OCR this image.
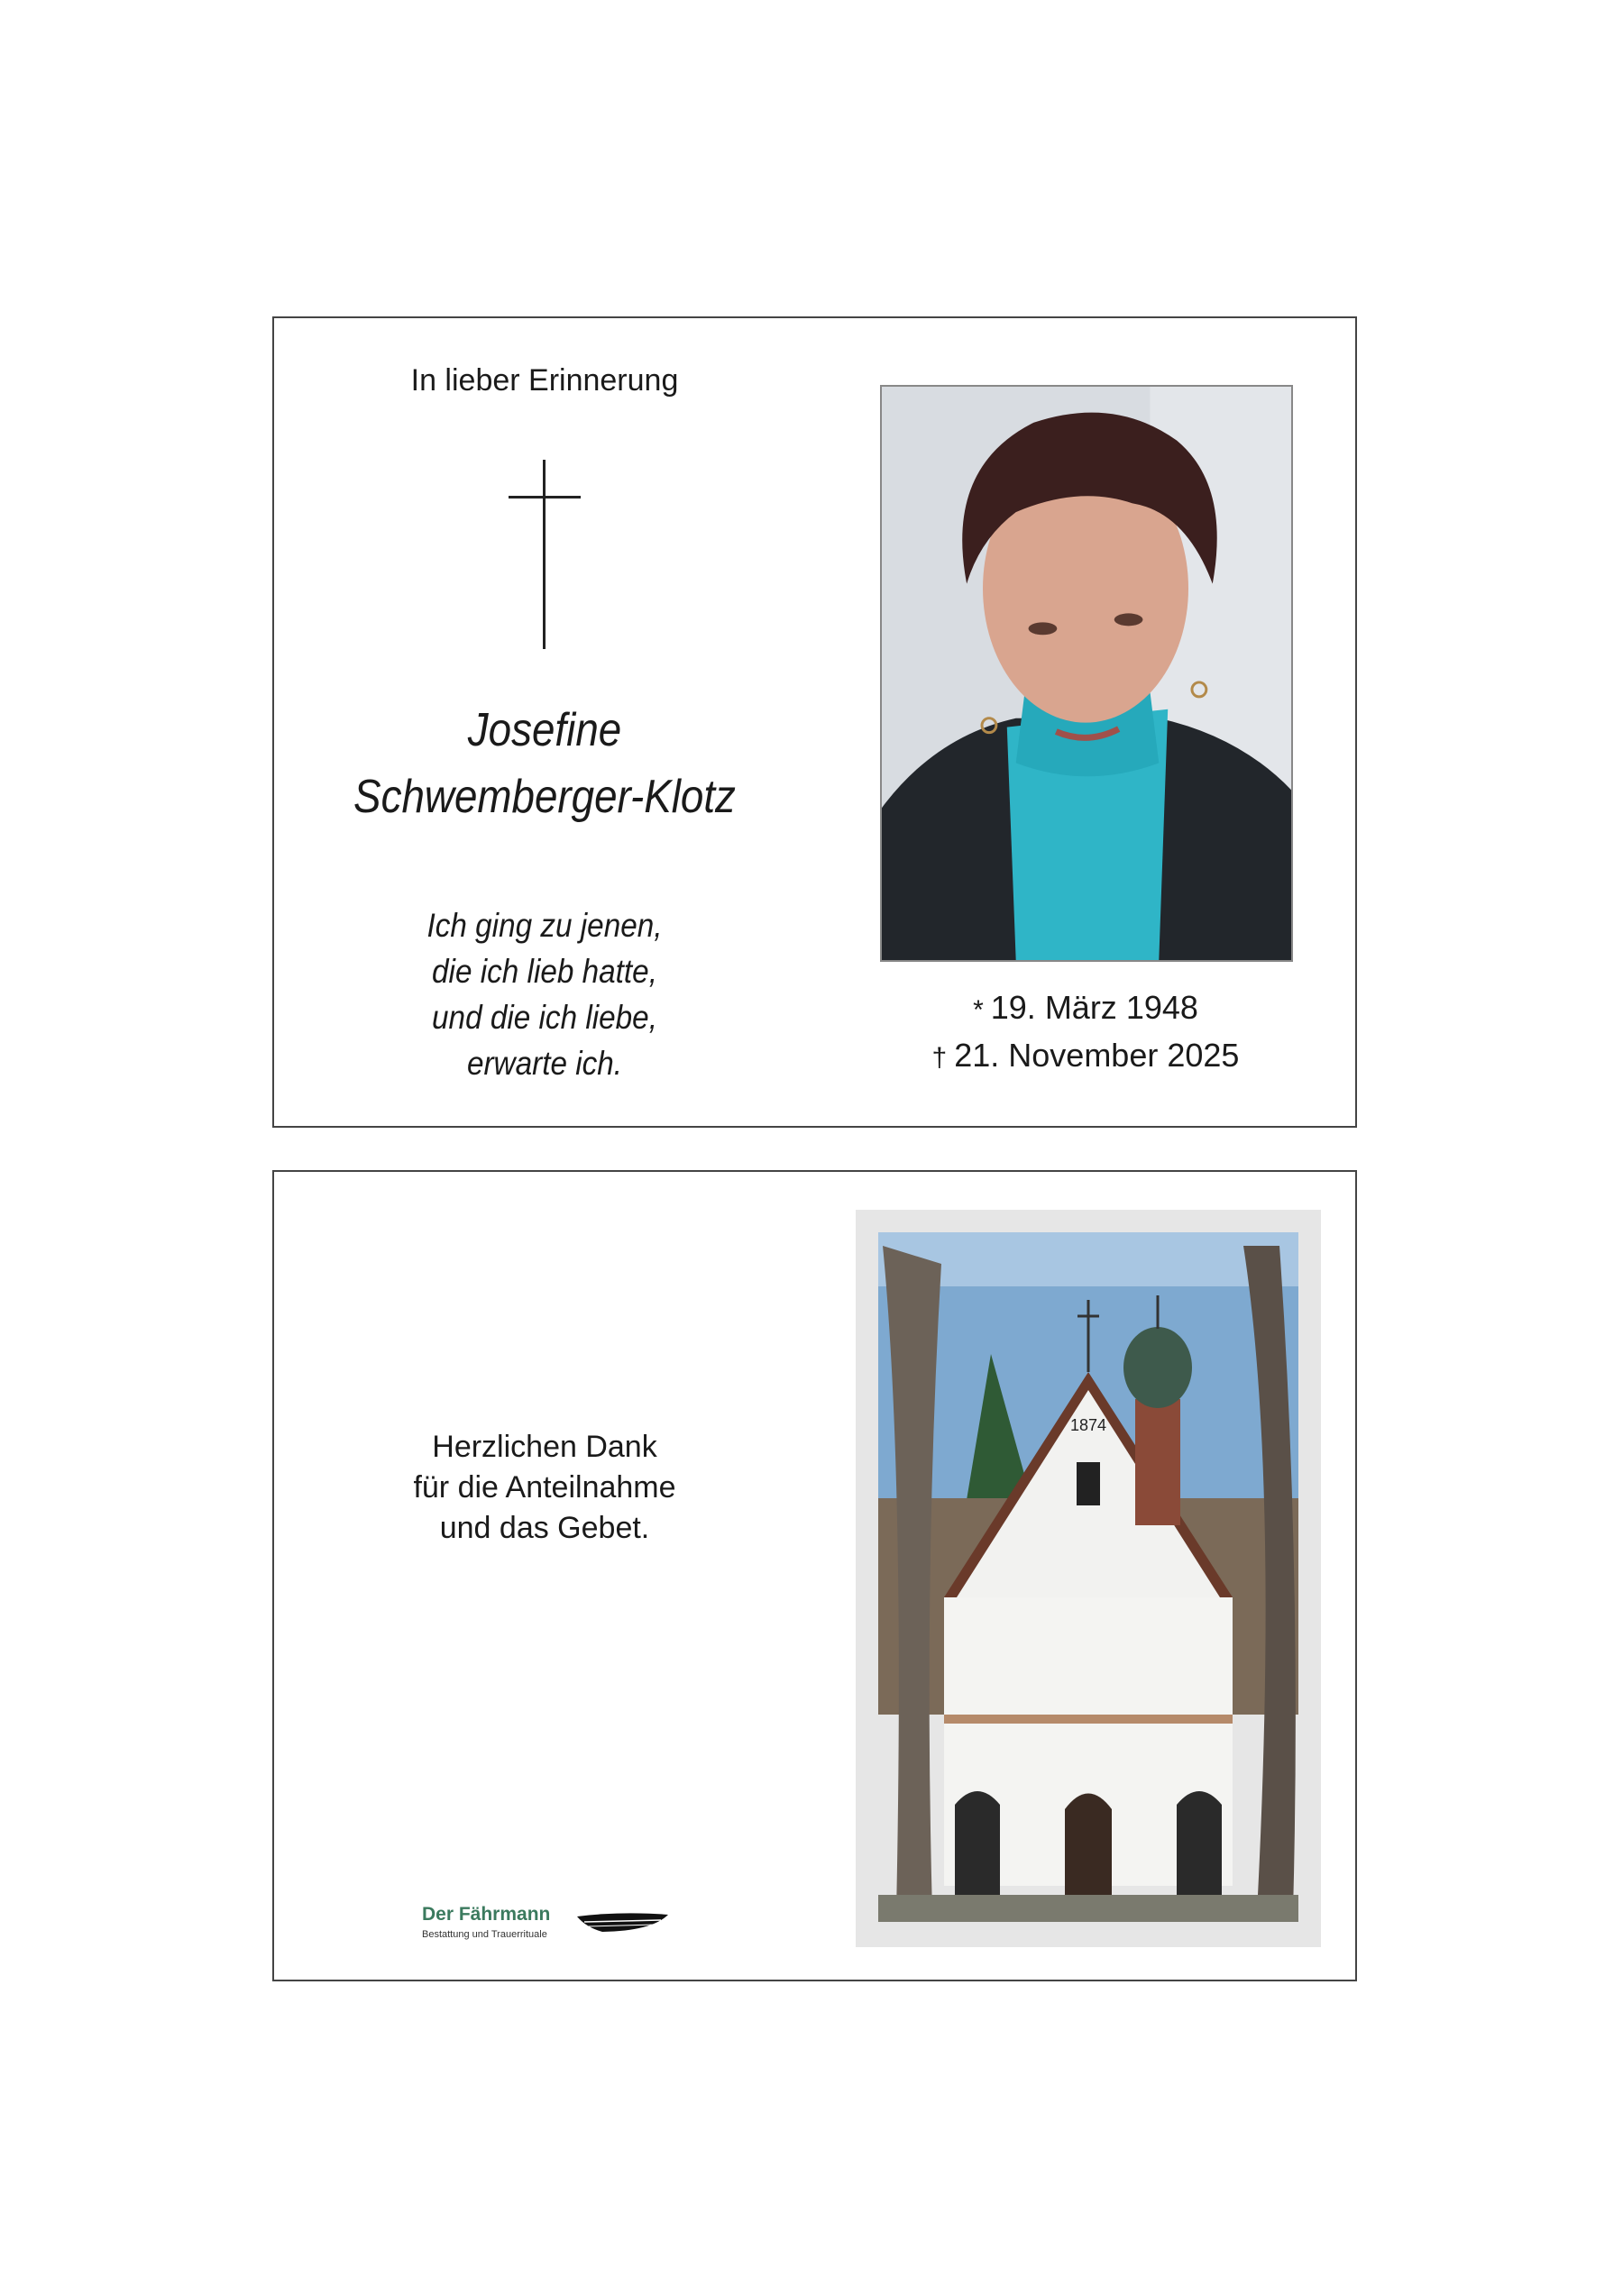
In lieber Erinnerung
Josefine
Schwemberger-Klotz
Ich ging zu jenen,
die ich lieb hatte,
und die ich liebe,
erwarte ich.
* 19. März 1948
† 21. November 2025
Herzlichen Dank
für die Anteilnahme
und das Gebet.
1874
Der Fährmann
Bestattung und Trauerrituale
